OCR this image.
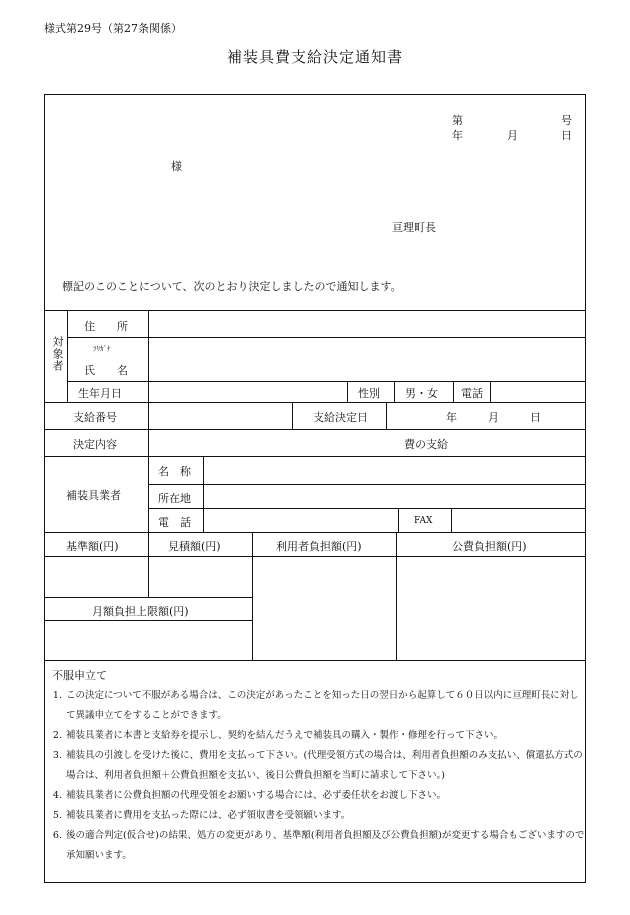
様式第29号（第27条関係）
補装具費支給決定通知書
第	号
年	月	日
様
亘理町長
標記のこのことについて、次のとおり決定しましたので通知します。
対象者
住　　所
ﾌﾘｶﾞﾅ
氏　　名
生年月日	性別 男・女 電話
支給番号	支給決定日	年	月	日
決定内容	費の支給
補装具業者
名　称
所在地
電　話	FAX
基準額(円)	見積額(円)	利用者負担額(円)	公費負担額(円)
月額負担上限額(円)
不服申立て
1. この決定について不服がある場合は、この決定があったことを知った日の翌日から起算して６０日以内に亘理町長に対して異議申立てをすることができます。
2. 補装具業者に本書と支給券を提示し、契約を結んだうえで補装具の購入・製作・修理を行って下さい。
3. 補装具の引渡しを受けた後に、費用を支払って下さい。(代理受領方式の場合は、利用者負担額のみ支払い、償還払方式の場合は、利用者負担額＋公費負担額を支払い、後日公費負担額を当町に請求して下さい。)
4. 補装具業者に公費負担額の代理受領をお願いする場合には、必ず委任状をお渡し下さい。
5. 補装具業者に費用を支払った際には、必ず領収書を受領願います。
6. 後の適合判定(仮合せ)の結果、処方の変更があり、基準額(利用者負担額及び公費負担額)が変更する場合もございますので承知願います。
